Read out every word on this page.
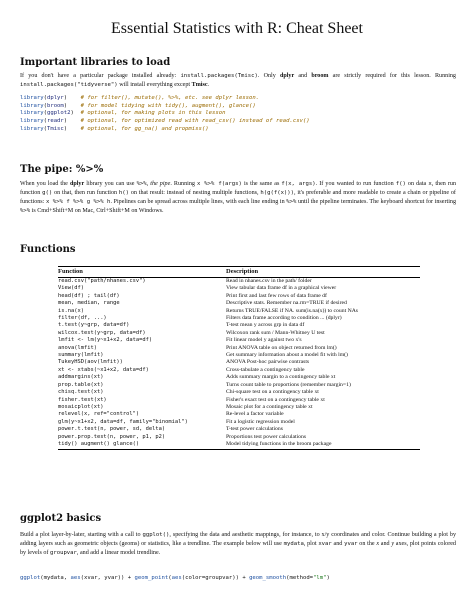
Essential Statistics with R: Cheat Sheet
Important libraries to load

If you don't have a particular package installed already: install.packages(Tmisc). Only dplyr and broom are strictly required for this lesson. Running install.packages("tidyverse") will install everything except Tmisc.

library(dplyr) # for filter(), mutate(), %>%, etc. see dplyr lesson.
library(broom) # for model tidying with tidy(), augment(), glance()
library(ggplot2) # optional, for making plots in this lesson
library(readr) # optional, for optimized read with read_csv() instead of read.csv()
library(Tmisc) # optional, for gg_na() and propmiss()
The pipe: %>%

When you load the dplyr library you can use %>%, the pipe. Running x %>% f(args) is the same as f(x, args). If you wanted to run function f() on data x, then run function g() on that, then run function h() on that result: instead of nesting multiple functions, h(g(f(x))), it's preferable and more readable to create a chain or pipeline of functions: x %>% f %>% g %>% h. Pipelines can be spread across multiple lines, with each line ending in %>% until the pipeline terminates. The keyboard shortcut for inserting %>% is Cmd+Shift+M on Mac, Ctrl+Shift+M on Windows.

Functions
Function	Description
read.csv("path/nhanes.csv")	Read in nhanes.csv in the path/ folder
View(df)	View tabular data frame df in a graphical viewer
head(df) ; tail(df)	Print first and last few rows of data frame df
mean, median, range	Descriptive stats. Remember na.rm=TRUE if desired
is.na(x)	Returns TRUE/FALSE if NA. sum(is.na(x)) to count NAs
filter(df, ...)	Filters data frame according to condition ... (dplyr)
t.test(y~grp, data=df)	T-test mean y across grp in data df
wilcox.test(y~grp, data=df)	Wilcoxon rank sum / Mann-Whitney U test
lmfit <- lm(y~x1+x2, data=df)	Fit linear model y against two x's
anova(lmfit)	Print ANOVA table on object returned from lm()
summary(lmfit)	Get summary information about a model fit with lm()
TukeyHSD(aov(lmfit))	ANOVA Post-hoc pairwise contrasts
xt <- xtabs(~x1+x2, data=df)	Cross-tabulate a contingency table
addmargins(xt)	Adds summary margin to a contingency table xt
prop.table(xt)	Turns count table to proportions (remember margin=1)
chisq.test(xt)	Chi-square test on a contingency table xt
fisher.test(xt)	Fisher's exact test on a contingency table xt
mosaicplot(xt)	Mosaic plot for a contingency table xt
relevel(x, ref="control")	Re-level a factor variable
glm(y~x1+x2, data=df, family="binomial")	Fit a logistic regression model
power.t.test(n, power, sd, delta)	T-test power calculations
power.prop.test(n, power, p1, p2)	Proportions test power calculations
tidy() augment() glance()	Model tidying functions in the broom package
ggplot2 basics

Build a plot layer-by-later, starting with a call to ggplot(), specifying the data and aesthetic mappings, for instance, to x/y coordinates and color. Continue building a plot by adding layers such as geometric objects (geoms) or statistics, like a trendline. The example below will use mydata, plot xvar and yvar on the x and y axes, plot points colored by levels of groupvar, and add a linear model trendline.

ggplot(mydata, aes(xvar, yvar)) + geom_point(aes(color=groupvar)) + geom_smooth(method="lm")
